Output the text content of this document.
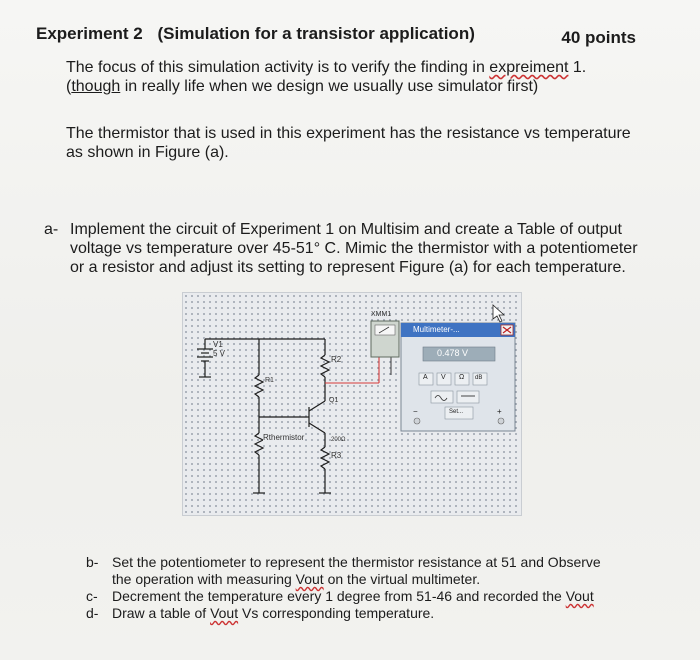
Experiment 2 (Simulation for a transistor application)	40 points
The focus of this simulation activity is to verify the finding in expreiment 1.
(though in really life when we design we usually use simulator first)
The thermistor that is used in this experiment has the resistance vs temperature as shown in Figure (a).
a- Implement the circuit of Experiment 1 on Multisim and create a Table of output voltage vs temperature over 45-51° C. Mimic the thermistor with a potentiometer or a resistor and adjust its setting to represent Figure (a) for each temperature.
V1
5 V
R1
R2
Q1
Rthermistor	200Ω
R3
XMM1
Multimeter-...
0.478 V
A V Ω dB
Set...
−	+
b- Set the potentiometer to represent the thermistor resistance at 51 and Observe the operation with measuring Vout on the virtual multimeter.
c- Decrement the temperature every 1 degree from 51-46 and recorded the Vout
d- Draw a table of Vout Vs corresponding temperature.
